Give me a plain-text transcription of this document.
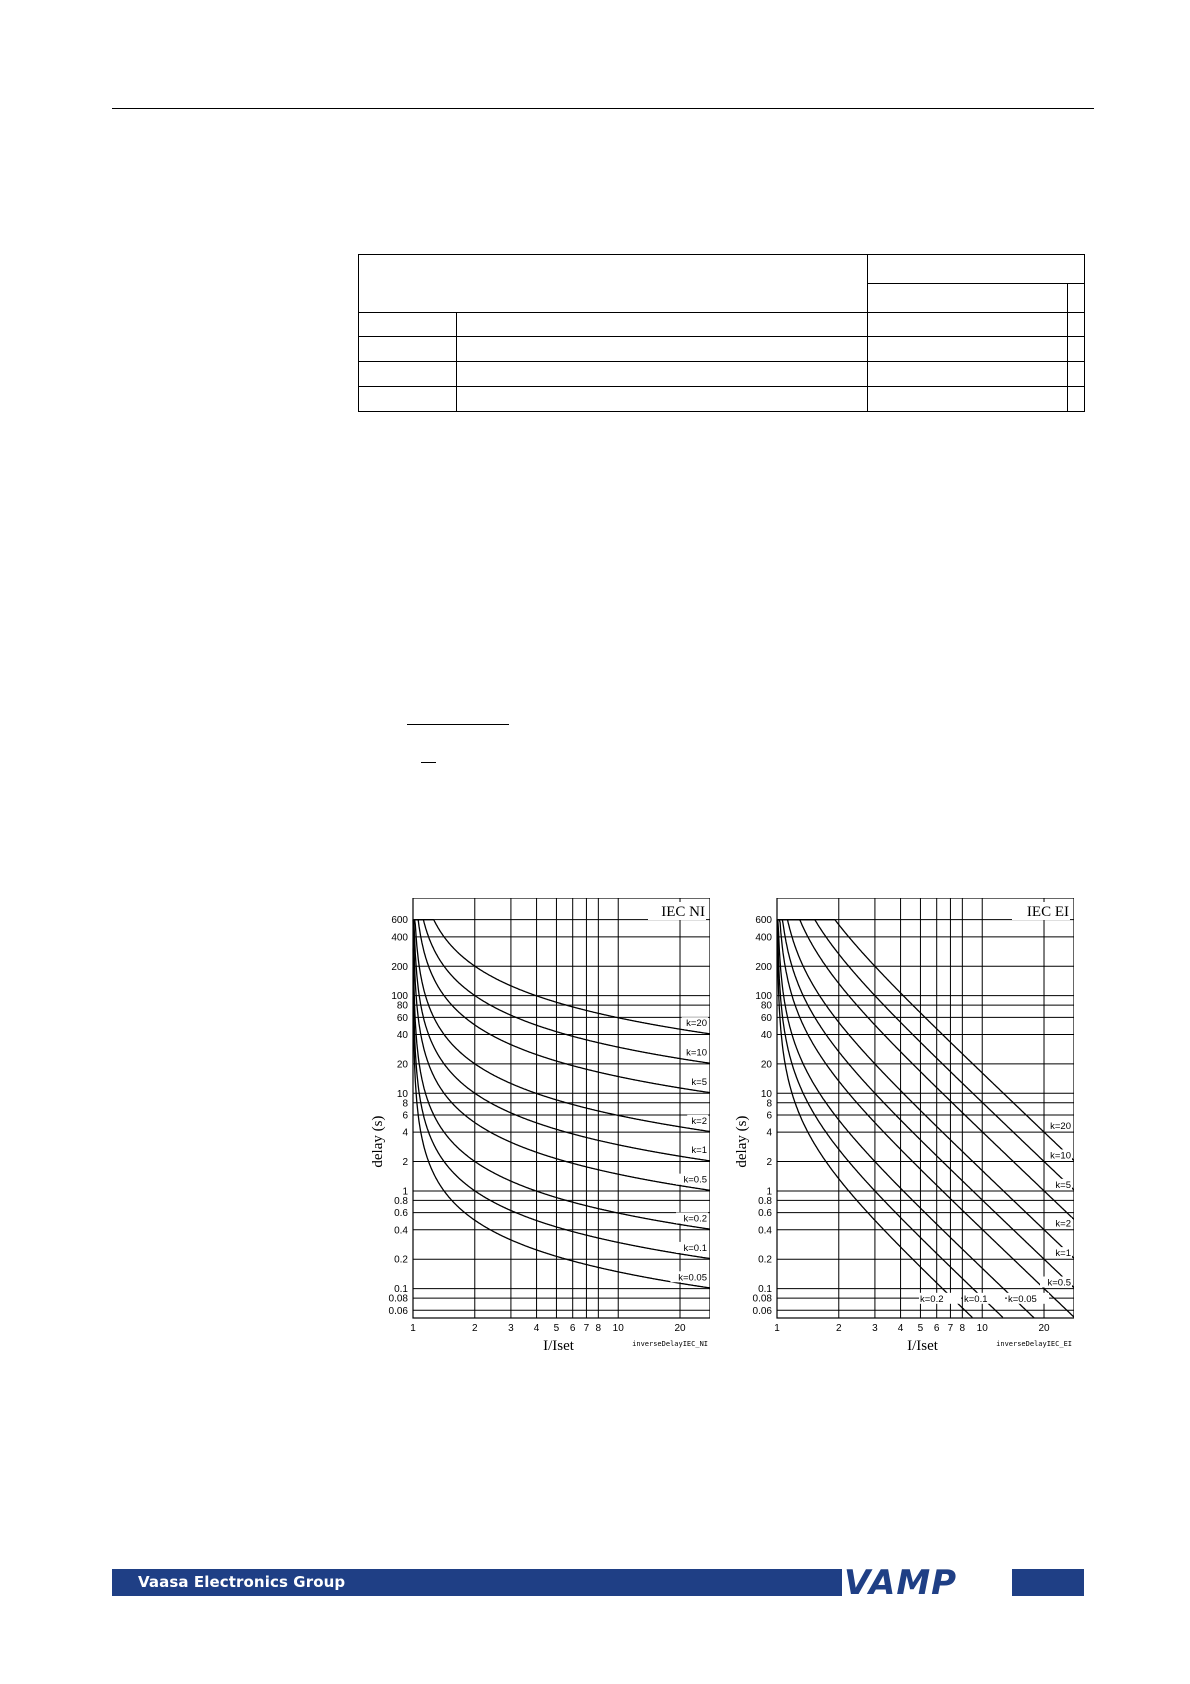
1	2	3 4 5 6 7 8 10	20
600
400
200
100
80
60
40
20
10
8
6
4
2
1
0.8
0.6
0.4
0.2
0.1
0.08
0.06
k=20
k=10
k=5
k=2
k=1
k=0.5
k=0.2
k=0.1
k=0.05
IEC NI
I/Iset
delay (s)
inverseDelayIEC_NI
1	2	3 4 5 6 7 8 10	20
600
400
200
100
80
60
40
20
10
8
6
4
2
1
0.8
0.6
0.4
0.2
0.1
0.08
0.06
k=20
k=10
k=5
k=2
k=1
k=0.5
k=0.2 k=0.1 k=0.05
IEC EI
I/Iset
delay (s)
inverseDelayIEC_EI
Vaasa Electronics Group	VAMP
